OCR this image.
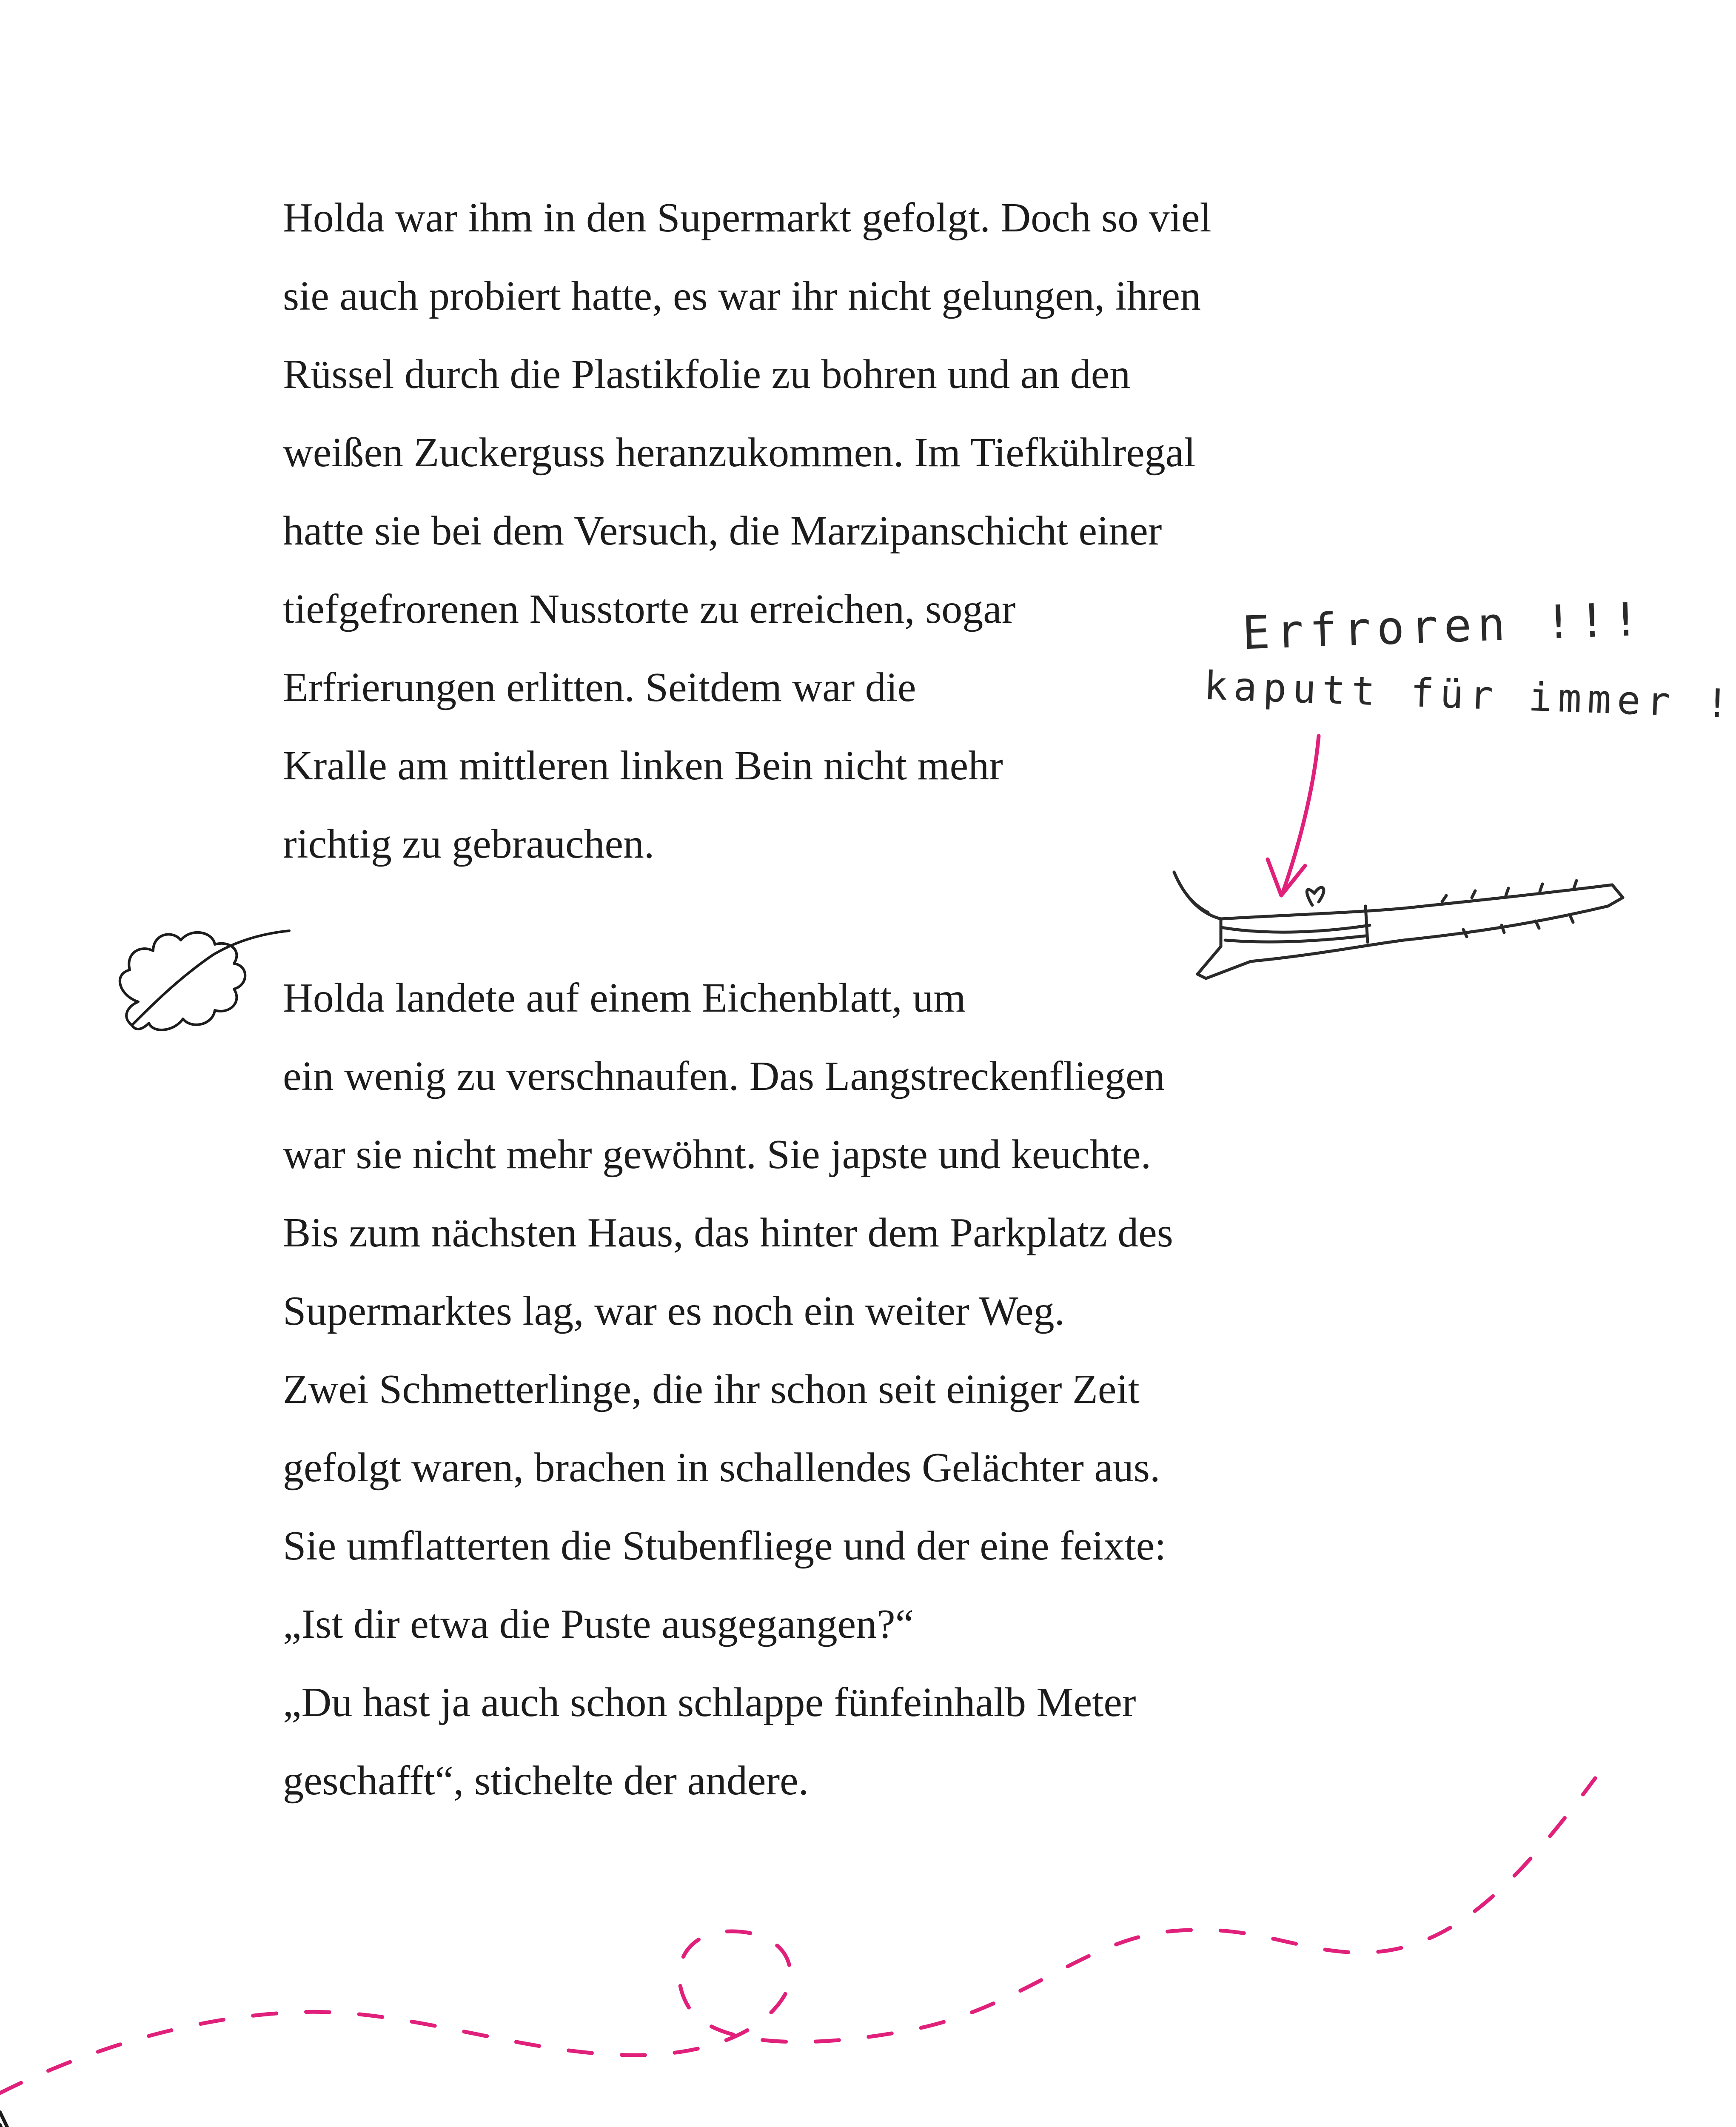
Holda war ihm in den Supermarkt gefolgt. Doch so viel
sie auch probiert hatte, es war ihr nicht gelungen, ihren
Rüssel durch die Plastikfolie zu bohren und an den
weißen Zuckerguss heranzukommen. Im Tiefkühlregal
hatte sie bei dem Versuch, die Marzipanschicht einer
tiefgefrorenen Nusstorte zu erreichen, sogar
Erfrierungen erlitten. Seitdem war die
Kralle am mittleren linken Bein nicht mehr
richtig zu gebrauchen.

Erfroren !!!
kaputt für immer !

Holda landete auf einem Eichenblatt, um
ein wenig zu verschnaufen. Das Langstreckenfliegen
war sie nicht mehr gewöhnt. Sie japste und keuchte.
Bis zum nächsten Haus, das hinter dem Parkplatz des
Supermarktes lag, war es noch ein weiter Weg.
Zwei Schmetterlinge, die ihr schon seit einiger Zeit
gefolgt waren, brachen in schallendes Gelächter aus.
Sie umflatterten die Stubenfliege und der eine feixte:
„Ist dir etwa die Puste ausgegangen?“
„Du hast ja auch schon schlappe fünfeinhalb Meter
geschafft“, stichelte der andere.
